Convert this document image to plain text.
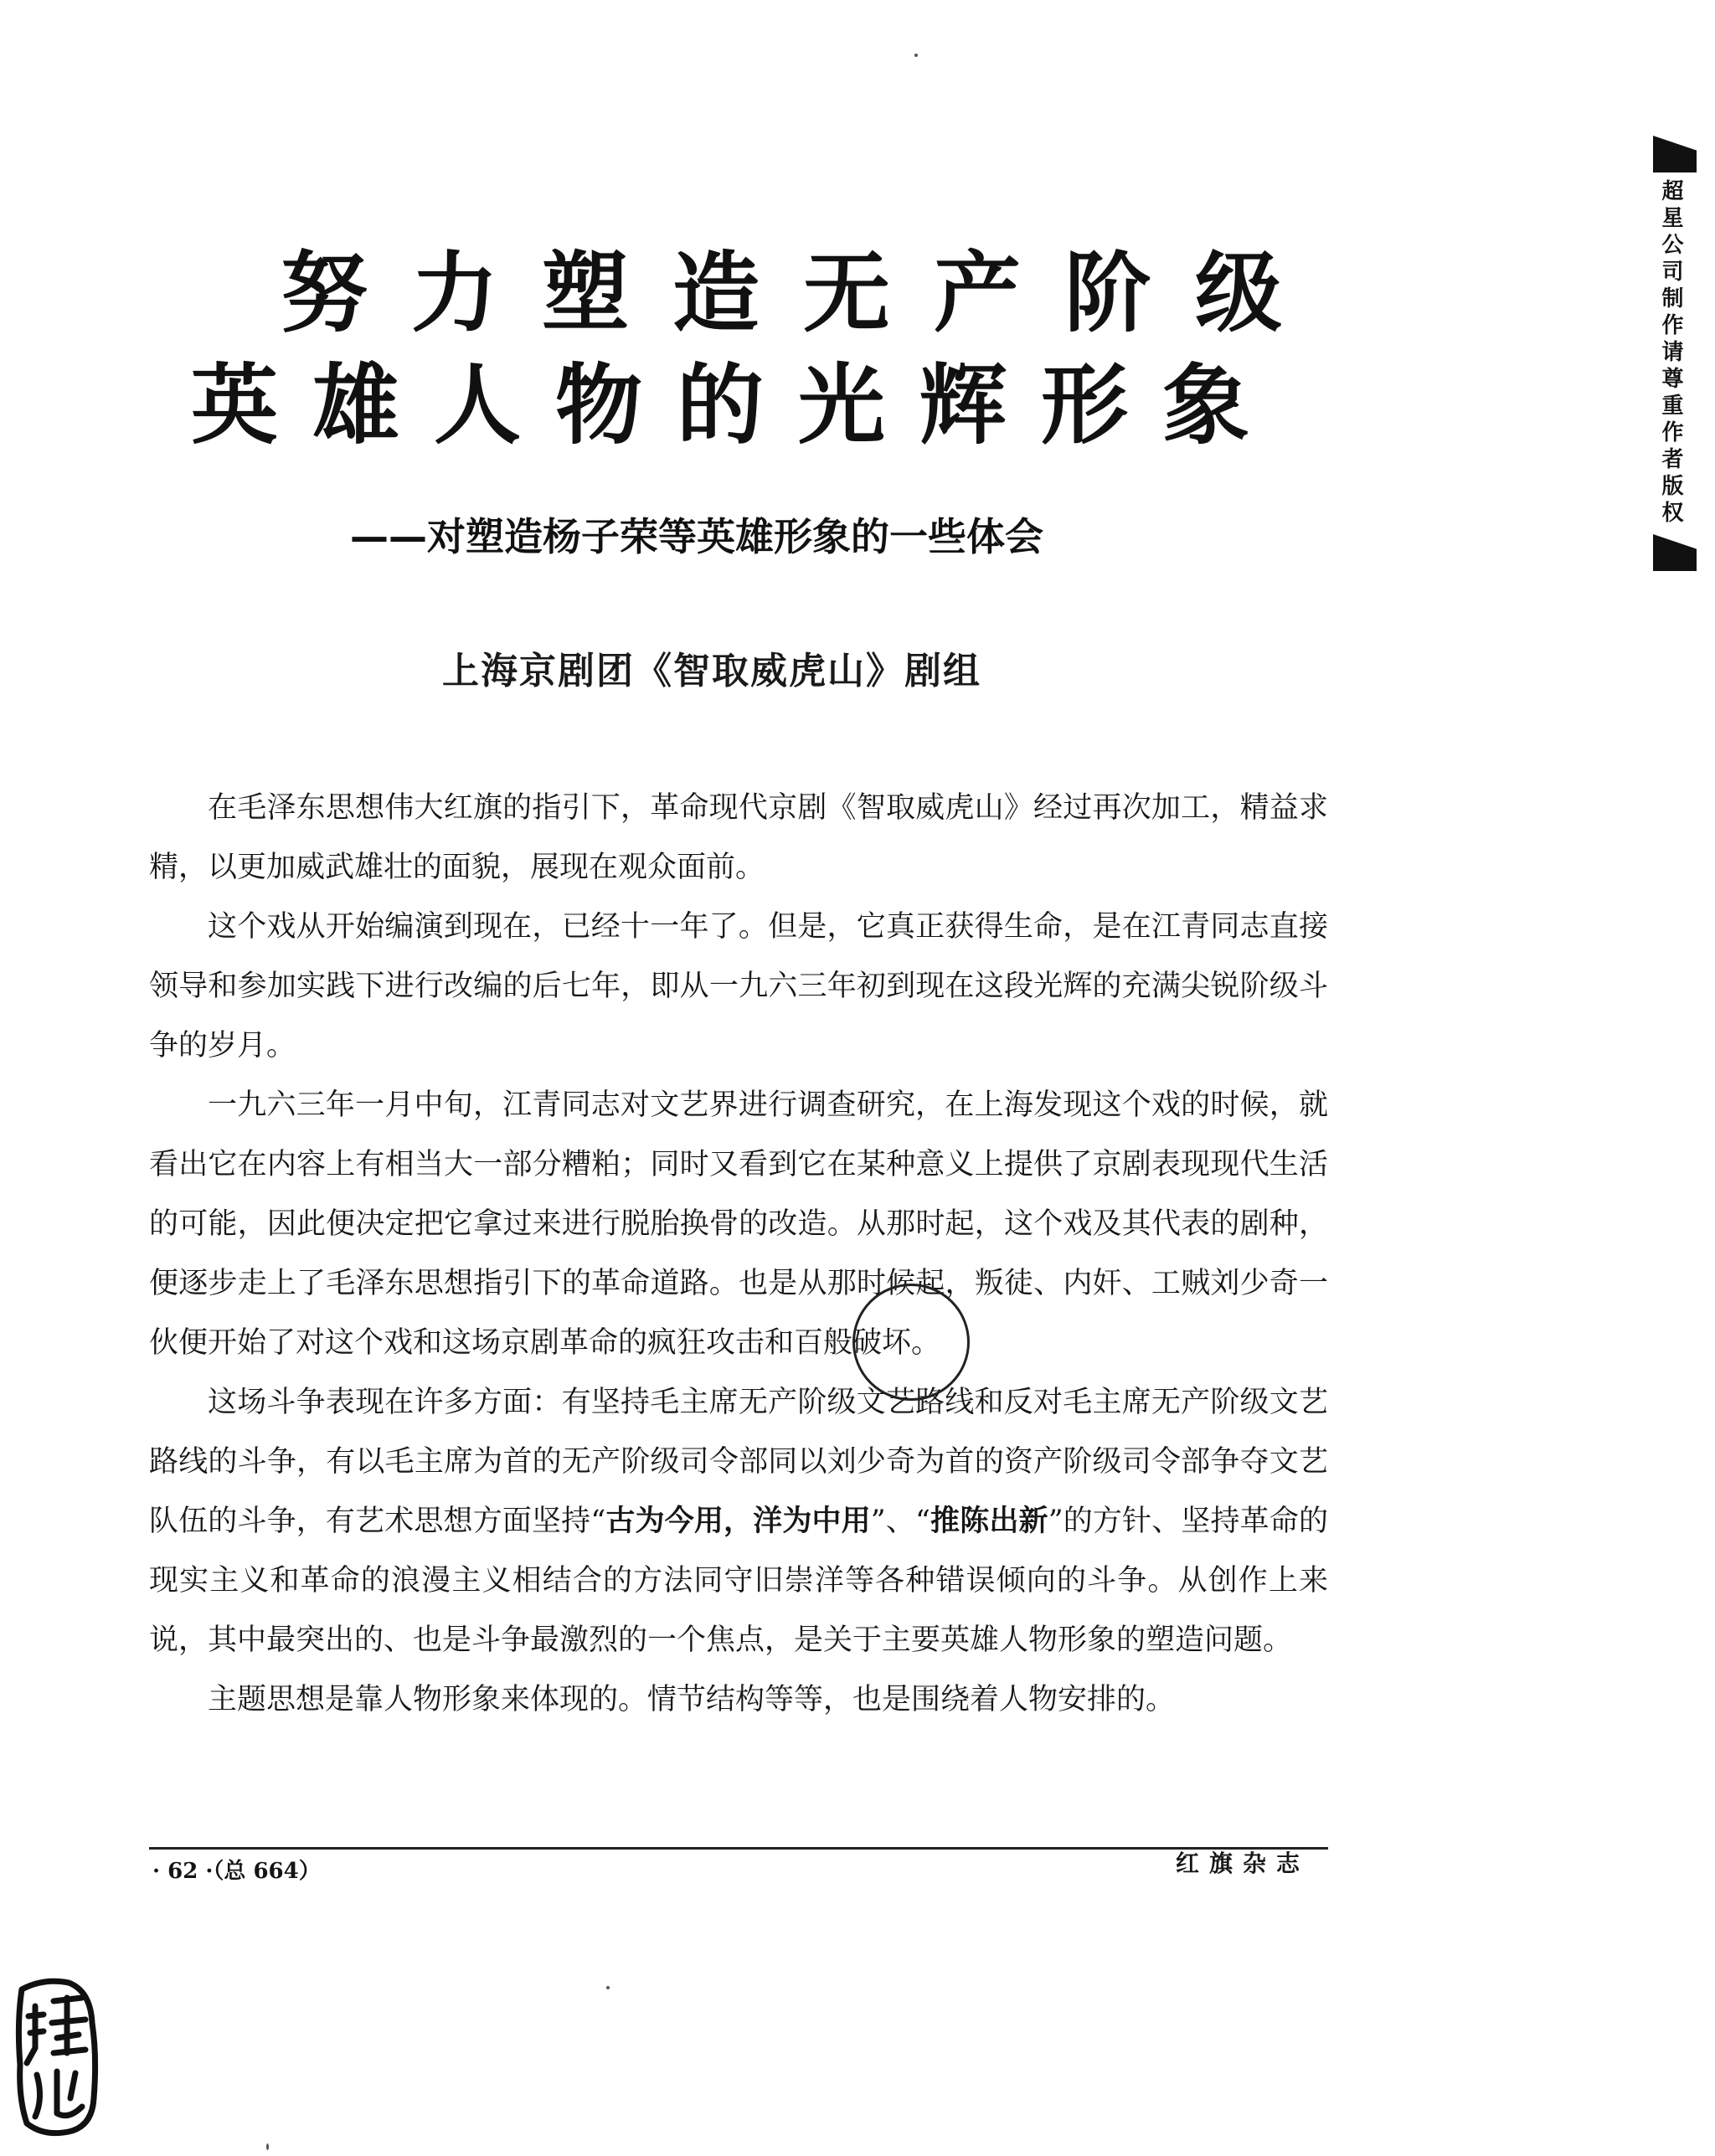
努力塑造无产阶级
英雄人物的光辉形象
——对塑造杨子荣等英雄形象的一些体会

上海京剧团《智取威虎山》剧组

在毛泽东思想伟大红旗的指引下，革命现代京剧《智取威虎山》经过再次加工，精益求精，以更加威武雄壮的面貌，展现在观众面前。

这个戏从开始编演到现在，已经十一年了。但是，它真正获得生命，是在江青同志直接领导和参加实践下进行改编的后七年，即从一九六三年初到现在这段光辉的充满尖锐阶级斗争的岁月。

一九六三年一月中旬，江青同志对文艺界进行调查研究，在上海发现这个戏的时候，就看出它在内容上有相当大一部分糟粕；同时又看到它在某种意义上提供了京剧表现现代生活的可能，因此便决定把它拿过来进行脱胎换骨的改造。从那时起，这个戏及其代表的剧种，便逐步走上了毛泽东思想指引下的革命道路。也是从那时候起，叛徒、内奸、工贼刘少奇一伙便开始了对这个戏和这场京剧革命的疯狂攻击和百般破坏。

这场斗争表现在许多方面：有坚持毛主席无产阶级文艺路线和反对毛主席无产阶级文艺路线的斗争，有以毛主席为首的无产阶级司令部同以刘少奇为首的资产阶级司令部争夺文艺队伍的斗争，有艺术思想方面坚持“古为今用，洋为中用”、“推陈出新”的方针、坚持革命的现实主义和革命的浪漫主义相结合的方法同守旧崇洋等各种错误倾向的斗争。从创作上来说，其中最突出的、也是斗争最激烈的一个焦点，是关于主要英雄人物形象的塑造问题。

主题思想是靠人物形象来体现的。情节结构等等，也是围绕着人物安排的。

· 62 ·（总 664）	红旗杂志

超星公司制作请尊重作者版权
